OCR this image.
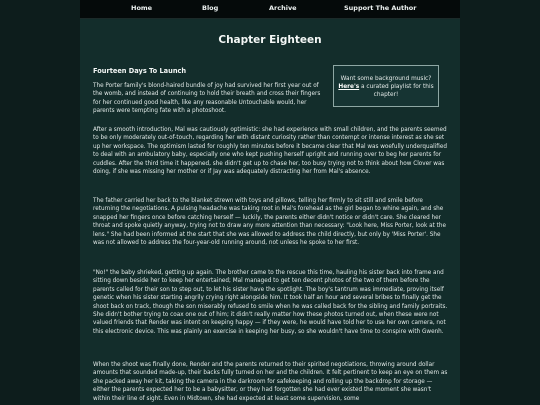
Home	Blog	Archive	Support The Author
Chapter Eighteen
Fourteen Days To Launch
Want some background music?
Here's a curated playlist for this chapter!

The Porter family's blond-haired bundle of joy had survived her first year out of the womb, and instead of continuing to hold their breath and cross their fingers for her continued good health, like any reasonable Untouchable would, her parents were tempting fate with a photoshoot.

After a smooth introduction, Mal was cautiously optimistic: she had experience with small children, and the parents seemed to be only moderately out-of-touch, regarding her with distant curiosity rather than contempt or intense interest as she set up her workspace. The optimism lasted for roughly ten minutes before it became clear that Mal was woefully underqualified to deal with an ambulatory baby, especially one who kept pushing herself upright and running over to beg her parents for cuddles. After the third time it happened, she didn't get up to chase her, too busy trying not to think about how Clover was doing, if she was missing her mother or if Jay was adequately distracting her from Mal's absence.

The father carried her back to the blanket strewn with toys and pillows, telling her firmly to sit still and smile before returning the negotiations. A pulsing headache was taking root in Mal's forehead as the girl began to whine again, and she snapped her fingers once before catching herself — luckily, the parents either didn't notice or didn't care. She cleared her throat and spoke quietly anyway, trying not to draw any more attention than necessary: "Look here, Miss Porter, look at the lens." She had been informed at the start that she was allowed to address the child directly, but only by 'Miss Porter'. She was not allowed to address the four-year-old running around, not unless he spoke to her first.

"No!" the baby shrieked, getting up again. The brother came to the rescue this time, hauling his sister back into frame and sitting down beside her to keep her entertained; Mal managed to get ten decent photos of the two of them before the parents called for their son to step out, to let his sister have the spotlight. The boy's tantrum was immediate, proving itself genetic when his sister starting angrily crying right alongside him. It took half an hour and several bribes to finally get the shoot back on track, though the son miserably refused to smile when he was called back for the sibling and family portraits. She didn't bother trying to coax one out of him; it didn't really matter how these photos turned out, when these were not valued friends that Render was intent on keeping happy — if they were, he would have told her to use her own camera, not this electronic device. This was plainly an exercise in keeping her busy, so she wouldn't have time to conspire with Gwenh.

When the shoot was finally done, Render and the parents returned to their spirited negotiations, throwing around dollar amounts that sounded made-up, their backs fully turned on her and the children. It felt pertinent to keep an eye on them as she packed away her kit, taking the camera in the darkroom for safekeeping and rolling up the backdrop for storage — either the parents expected her to be a babysitter, or they had forgotten she had ever existed the moment she wasn't within their line of sight. Even in Midtown, she had expected at least some supervision, some
